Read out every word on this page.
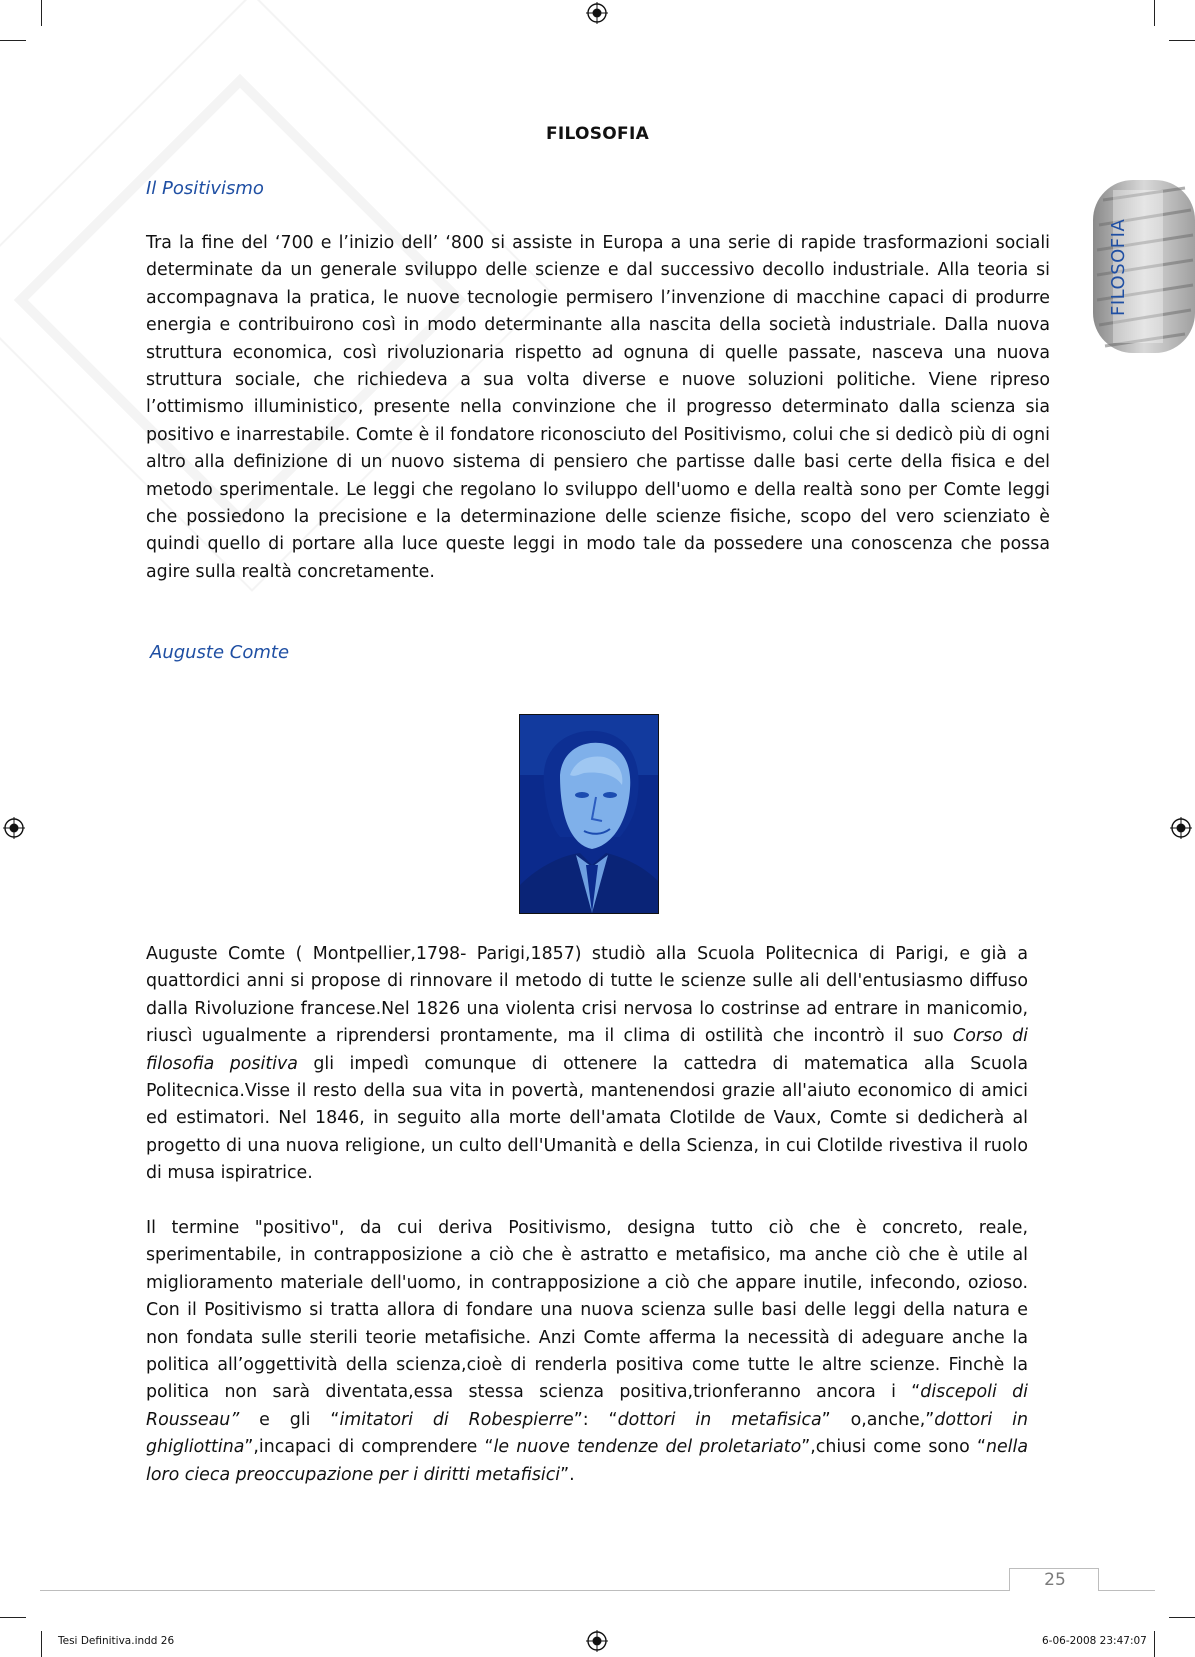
FILOSOFIA
FILOSOFIA
Il Positivismo
Tra la fine del ‘700 e l’inizio dell’ ‘800 si assiste in Europa a una serie di rapide trasformazioni sociali determinate da un generale sviluppo delle scienze e dal successivo decollo industriale. Alla teoria si accompagnava la pratica, le nuove tecnologie permisero l’invenzione di macchine capaci di produrre energia e contribuirono così in modo determinante alla nascita della società industriale. Dalla nuova struttura economica, così rivoluzionaria rispetto ad ognuna di quelle passate, nasceva una nuova struttura sociale, che richiedeva a sua volta diverse e nuove soluzioni politiche. Viene ripreso l’ottimismo illuministico, presente nella convinzione che il progresso determinato dalla scienza sia positivo e inarrestabile. Comte è il fondatore riconosciuto del Positivismo, colui che si dedicò più di ogni altro alla definizione di un nuovo sistema di pensiero che partisse dalle basi certe della fisica e del metodo sperimentale. Le leggi che regolano lo sviluppo dell'uomo e della realtà sono per Comte leggi che possiedono la precisione e la determinazione delle scienze fisiche, scopo del vero scienziato è quindi quello di portare alla luce queste leggi in modo tale da possedere una conoscenza che possa agire sulla realtà concretamente.
Auguste Comte
Auguste Comte ( Montpellier,1798- Parigi,1857) studiò alla Scuola Politecnica di Parigi, e già a quattordici anni si propose di rinnovare il metodo di tutte le scienze sulle ali dell'entusiasmo diffuso dalla Rivoluzione francese.Nel 1826 una violenta crisi nervosa lo costrinse ad entrare in manicomio, riuscì ugualmente a riprendersi prontamente, ma il clima di ostilità che incontrò il suo Corso di filosofia positiva gli impedì comunque di ottenere la cattedra di matematica alla Scuola Politecnica.Visse il resto della sua vita in povertà, mantenendosi grazie all'aiuto economico di amici ed estimatori. Nel 1846, in seguito alla morte dell'amata Clotilde de Vaux, Comte si dedicherà al progetto di una nuova religione, un culto dell'Umanità e della Scienza, in cui Clotilde rivestiva il ruolo di musa ispiratrice.
Il termine "positivo", da cui deriva Positivismo, designa tutto ciò che è concreto, reale, sperimentabile, in contrapposizione a ciò che è astratto e metafisico, ma anche ciò che è utile al miglioramento materiale dell'uomo, in contrapposizione a ciò che appare inutile, infecondo, ozioso. Con il Positivismo si tratta allora di fondare una nuova scienza sulle basi delle leggi della natura e non fondata sulle sterili teorie metafisiche. Anzi Comte afferma la necessità di adeguare anche la politica all’oggettività della scienza,cioè di renderla positiva come tutte le altre scienze. Finchè la politica non sarà diventata,essa stessa scienza positiva,trionferanno ancora i “discepoli di Rousseau” e gli “imitatori di Robespierre”: “dottori in metafisica” o,anche,”dottori in ghigliottina”,incapaci di comprendere “le nuove tendenze del proletariato”,chiusi come sono “nella loro cieca preoccupazione per i diritti metafisici”.
25
Tesi Definitiva.indd 26	6-06-2008 23:47:07
